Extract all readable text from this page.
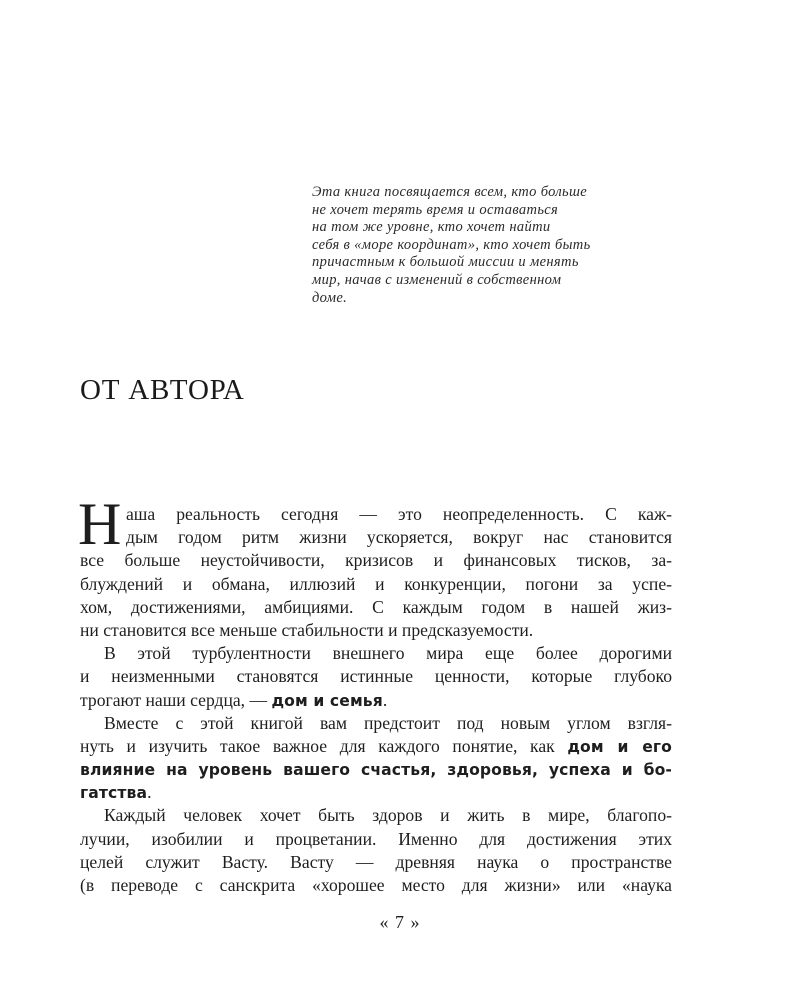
Эта книга посвящается всем, кто больше
не хочет терять время и оставаться
на том же уровне, кто хочет найти
себя в «море координат», кто хочет быть
причастным к большой миссии и менять
мир, начав с изменений в собственном
доме.
ОТ АВТОРА
Н аша реальность сегодня — это неопределенность. С каж-
дым годом ритм жизни ускоряется, вокруг нас становится
все больше неустойчивости, кризисов и финансовых тисков, за-
блуждений и обмана, иллюзий и конкуренции, погони за успе-
хом, достижениями, амбициями. С каждым годом в нашей жиз-
ни становится все меньше стабильности и предсказуемости.
В этой турбулентности внешнего мира еще более дорогими
и неизменными становятся истинные ценности, которые глубоко
трогают наши сердца, — дом и семья.
Вместе с этой книгой вам предстоит под новым углом взгля-
нуть и изучить такое важное для каждого понятие, как дом и его
влияние на уровень вашего счастья, здоровья, успеха и бо-
гатства.
Каждый человек хочет быть здоров и жить в мире, благопо-
лучии, изобилии и процветании. Именно для достижения этих
целей служит Васту. Васту — древняя наука о пространстве
(в переводе с санскрита «хорошее место для жизни» или «наука
« 7 »
